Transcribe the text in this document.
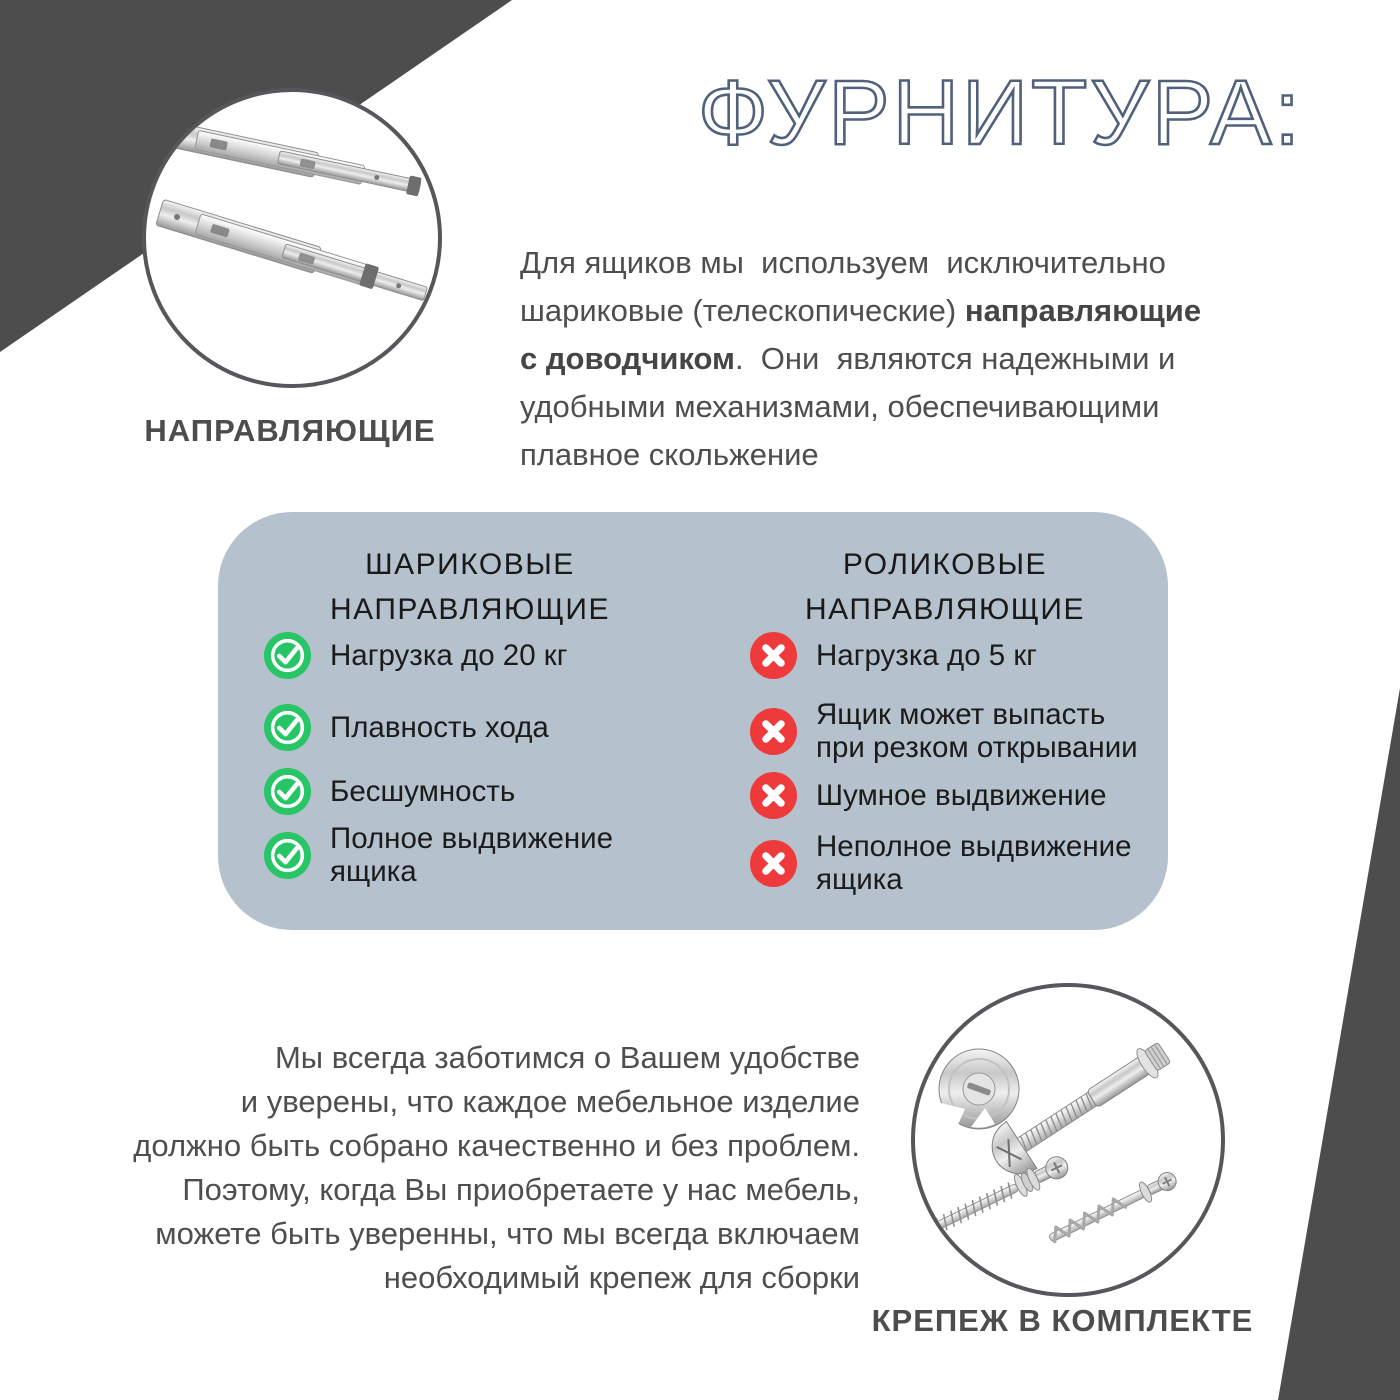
ФУРНИТУРА:
НАПРАВЛЯЮЩИЕ

Для ящиков мы  используем  исключительно
шариковые (телескопические) направляющие
с доводчиком.  Они  являются надежными и
удобными механизмами, обеспечивающими
плавное скольжение

ШАРИКОВЫЕ
НАПРАВЛЯЮЩИЕ
РОЛИКОВЫЕ
НАПРАВЛЯЮЩИЕ
Нагрузка до 20 кг
Плавность хода
Бесшумность
Полное выдвижение ящика
Нагрузка до 5 кг
Ящик может выпасть при резком открывании
Шумное выдвижение
Неполное выдвижение ящика

Мы всегда заботимся о Вашем удобстве
и уверены, что каждое мебельное изделие
должно быть собрано качественно и без проблем.
Поэтому, когда Вы приобретаете у нас мебель,
можете быть уверенны, что мы всегда включаем
необходимый крепеж для сборки

КРЕПЕЖ В КОМПЛЕКТЕ
